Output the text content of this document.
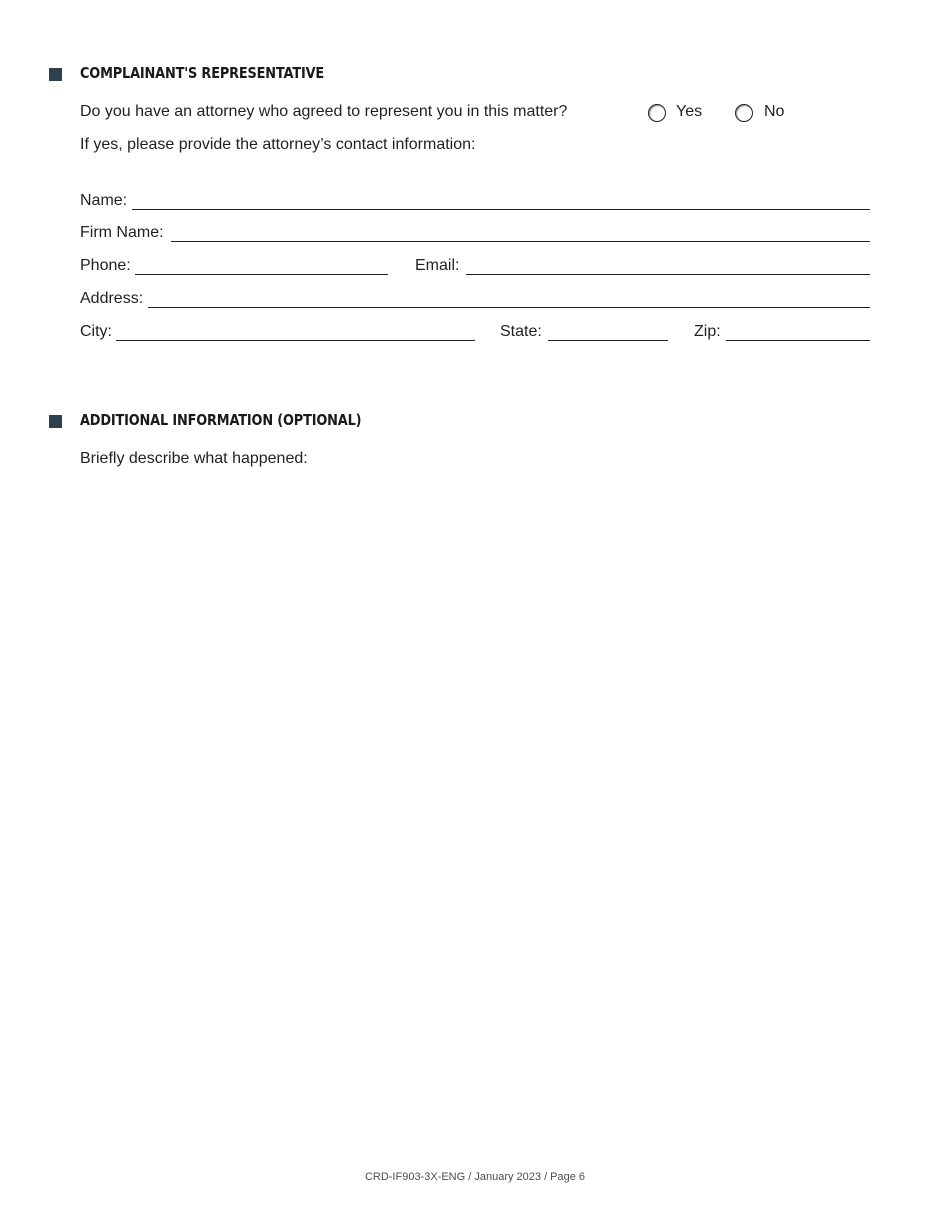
COMPLAINANT'S REPRESENTATIVE
Do you have an attorney who agreed to represent you in this matter?	Yes	No
If yes, please provide the attorney’s contact information:
Name:
Firm Name:
Phone:	Email:
Address:
City:	State:	Zip:
ADDITIONAL INFORMATION (OPTIONAL)
Briefly describe what happened:
CRD-IF903-3X-ENG / January 2023 / Page 6
